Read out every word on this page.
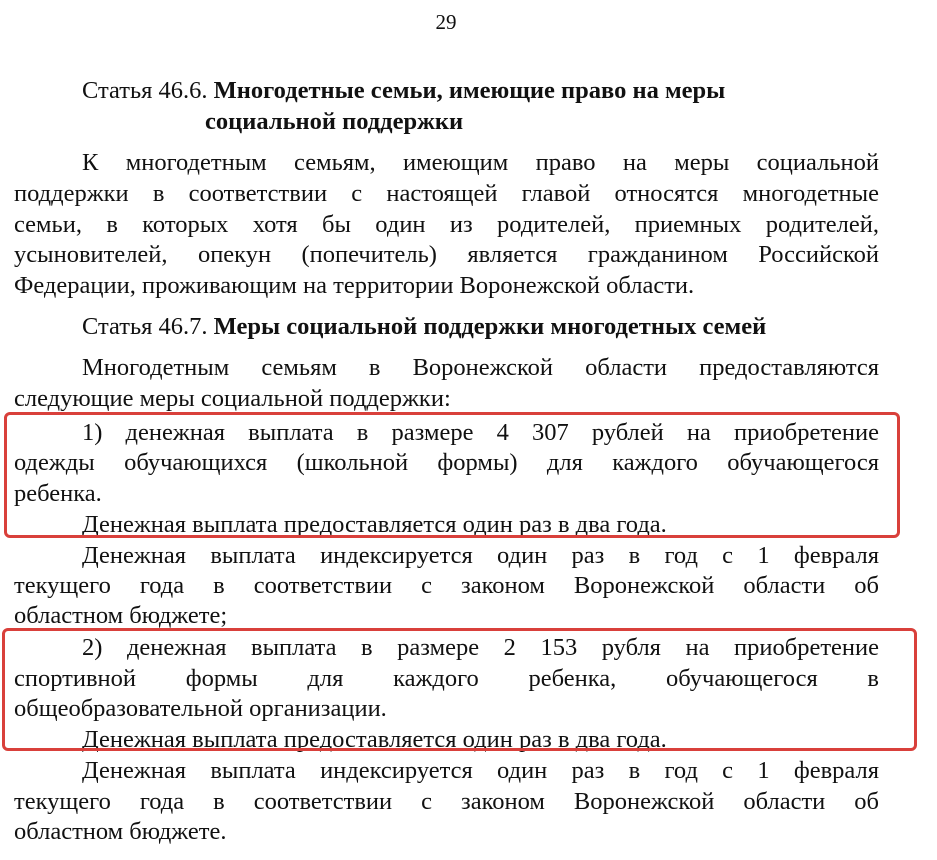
29
Статья 46.6. Многодетные семьи, имеющие право на меры
социальной поддержки
К многодетным семьям, имеющим право на меры социальной
поддержки в соответствии с настоящей главой относятся многодетные
семьи, в которых хотя бы один из родителей, приемных родителей,
усыновителей, опекун (попечитель) является гражданином Российской
Федерации, проживающим на территории Воронежской области.
Статья 46.7. Меры социальной поддержки многодетных семей
Многодетным семьям в Воронежской области предоставляются
следующие меры социальной поддержки:
1) денежная выплата в размере 4 307 рублей на приобретение
одежды обучающихся (школьной формы) для каждого обучающегося
ребенка.
Денежная выплата предоставляется один раз в два года.
Денежная выплата индексируется один раз в год с 1 февраля
текущего года в соответствии с законом Воронежской области об
областном бюджете;
2) денежная выплата в размере 2 153 рубля на приобретение
спортивной формы для каждого ребенка, обучающегося в
общеобразовательной организации.
Денежная выплата предоставляется один раз в два года.
Денежная выплата индексируется один раз в год с 1 февраля
текущего года в соответствии с законом Воронежской области об
областном бюджете.
